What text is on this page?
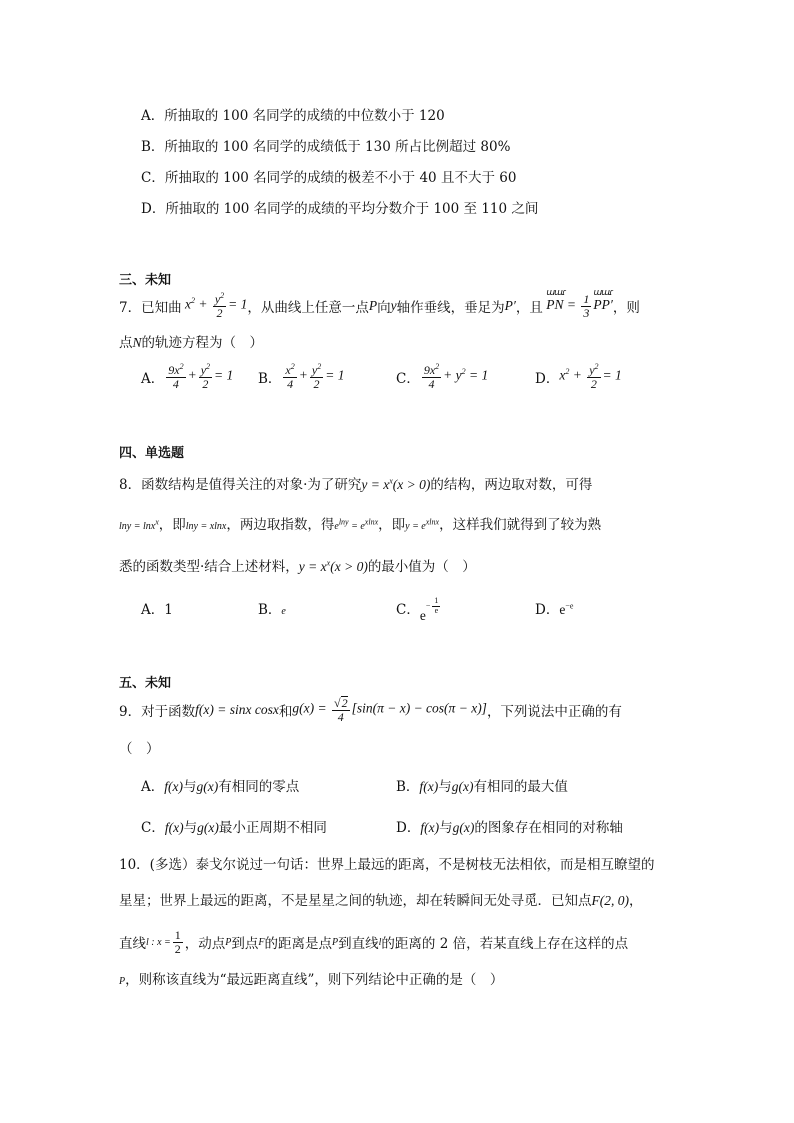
A．所抽取的 100 名同学的成绩的中位数小于 120
B．所抽取的 100 名同学的成绩低于 130 所占比例超过 80%
C．所抽取的 100 名同学的成绩的极差不小于 40 且不大于 60
D．所抽取的 100 名同学的成绩的平均分数介于 100 至 110 之间
三、未知
7．已知曲 $x^2 + \frac{y^2}{2} = 1$ ，从曲线上任意一点 P 向 y 轴作垂线，垂足为 P′ ，且 ɯɯɾ PN = $\frac{1}{3}$ ɯɯɾ PP′ ，则
点N的轨迹方程为（　）
A． $\frac{9x^2}{4} + \frac{y^2}{2} = 1$ B． $\frac{x^2}{4} + \frac{y^2}{2} = 1$	C． $\frac{9x^2}{4} + y^2 = 1$	D． $x^2 + \frac{y^2}{2} = 1$
四、单选题
8．函数结构是值得关注的对象·为了研究$y = x^x(x > 0)$的结构，两边取对数，可得
lny = lnx$^x$，即lny = xlnx，两边取指数，得$e^{lny} = e^{xlnx}$，即$y = e^{xlnx}$，这样我们就得到了较为熟
悉的函数类型·结合上述材料，$y = x^x(x > 0)$的最小值为（　）
A．1	B．e	C．$e^{- \frac{1}{e}}$	D．$e^{-e}$
五、未知
9．对于函数 f(x) = sinx cosx 和 $g(x) = \frac{√2}{4} [\sin(\pi - x) - \cos(\pi - x)]$ ，下列说法中正确的有
（　）
A．f(x)与g(x)有相同的零点	B．f(x)与g(x)有相同的最大值
C．f(x)与g(x)最小正周期不相同	D．f(x)与g(x)的图象存在相同的对称轴
10．(多选）泰戈尔说过一句话：世界上最远的距离，不是树枝无法相依，而是相互瞭望的
星星；世界上最远的距离，不是星星之间的轨迹，却在转瞬间无处寻觅．已知点F(2, 0)，
直线 l : $x = \frac{1}{2}$ ，动点 P 到点 F 的距离是点 P 到直线 l 的距离的 2 倍，若某直线上存在这样的点
P，则称该直线为“最远距离直线”，则下列结论中正确的是（　）
